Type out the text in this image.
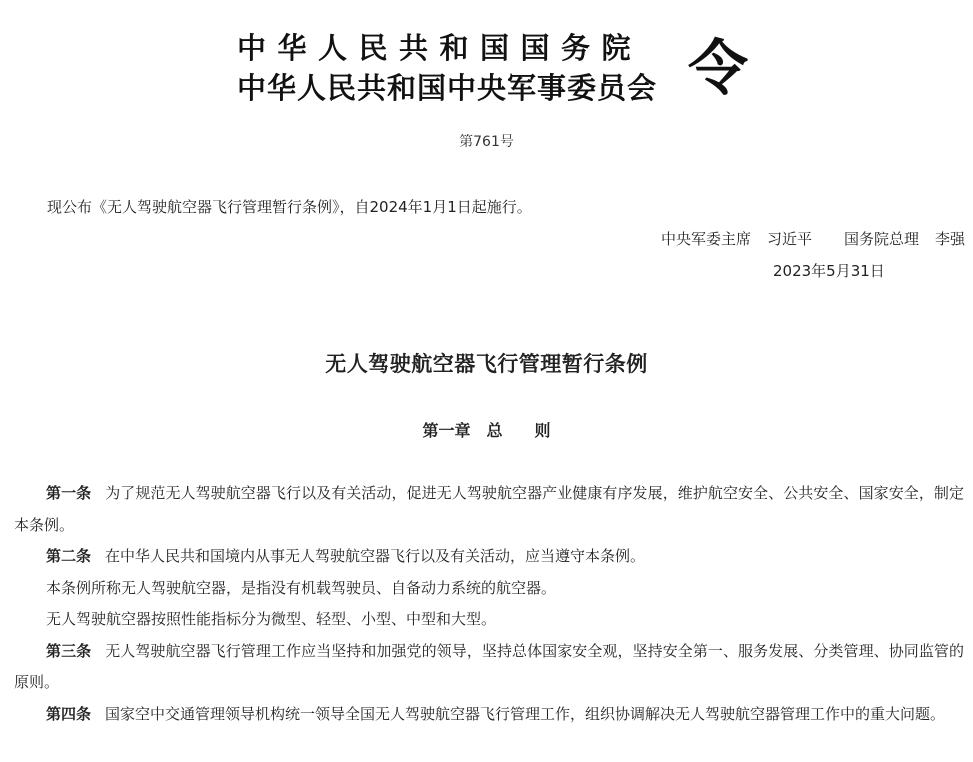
中华人民共和国国务院
中华人民共和国中央军事委员会 令
第761号
现公布《无人驾驶航空器飞行管理暂行条例》，自2024年1月1日起施行。
中央军委主席 习近平 国务院总理 李强
2023年5月31日
无人驾驶航空器飞行管理暂行条例
第一章 总 则

第一条 为了规范无人驾驶航空器飞行以及有关活动，促进无人驾驶航空器产业健康有序发展，维护航空安全、公共安全、国家安全，制定本条例。

第二条 在中华人民共和国境内从事无人驾驶航空器飞行以及有关活动，应当遵守本条例。

本条例所称无人驾驶航空器，是指没有机载驾驶员、自备动力系统的航空器。

无人驾驶航空器按照性能指标分为微型、轻型、小型、中型和大型。

第三条 无人驾驶航空器飞行管理工作应当坚持和加强党的领导，坚持总体国家安全观，坚持安全第一、服务发展、分类管理、协同监管的原则。

第四条 国家空中交通管理领导机构统一领导全国无人驾驶航空器飞行管理工作，组织协调解决无人驾驶航空器管理工作中的重大问题。
